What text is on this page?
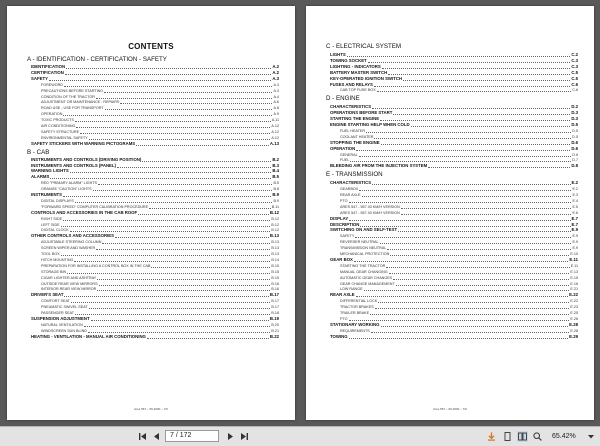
CONTENTS
A - IDENTIFICATION - CERTIFICATION - SAFETY
IDENTIFICATION	A.2
CERTIFICATION	A.2
SAFETY	A.3
FOREWORD	A.3
PRECAUTIONS BEFORE STARTING	A.3
CONDITION OF THE TRACTOR	A.4
ADJUSTMENT OR MAINTENANCE - REPAIRS	A.6
ROAD USE - USE FOR TRANSPORT	A.8
OPERATION	A.9
TOXIC PRODUCTS	A.11
AIR CONDITIONING	A.12
SAFETY STRUCTURE	A.12
ENVIRONMENTAL SAFETY	A.12
SAFETY STICKERS WITH WARNING PICTOGRAMS	A.13
B - CAB
INSTRUMENTS AND CONTROLS (DRIVING POSITION)	B.2
INSTRUMENTS AND CONTROLS (PANEL)	B.3
WARNING LIGHTS	B.4
ALARMS	B.5
RED "PRIMARY ALARM" LIGHTS	B.5
ORANGE "CAUTION" LIGHTS	B.8
INSTRUMENTS	B.9
DIGITAL DISPLAYS	B.9
"FORWARD SPEED" COMPUTER CALIBRATION PROCEDURE	B.11
CONTROLS AND ACCESSORIES IN THE CAB ROOF	B.12
RIGHT SIDE	B.12
LEFT SIDE	B.12
DIGITAL CLOCK	B.12
OTHER CONTROLS AND ACCESSORIES	B.13
ADJUSTABLE STEERING COLUMN	B.13
SCREEN WIPER AND WASHER	B.13
TOOL BOX	B.13
HITCH MOUNTING	B.14
PREPARATION FOR INSTALLING A CONTROL BOX IN THE CAB	B.15
STORAGE BIN	B.15
CIGAR LIGHTER AND ASHTRAY	B.15
OUTSIDE REAR VIEW MIRRORS	B.16
INTERIOR REAR VIEW MIRROR	B.16
DRIVER'S SEAT	B.17
COMFORT SEAT	B.17
PNEUMATIC SWIVEL SEAT	B.17
PASSENGER SEAT	B.18
SUSPENSION ADJUSTMENT	B.19
NATURAL VENTILATION	B.20
WINDSCREEN SUN BLIND	B.21
HEATING - VENTILATION - MANUAL AIR CONDITIONING	B.22
Ares 567 – 06.2000 – 7/0
C - ELECTRICAL SYSTEM
LIGHTS	C.2
TOWING SOCKET	C.3
LIGHTING - INDICATORS	C.3
BATTERY MASTER SWITCH	C.5
KEY-OPERATED IGNITION SWITCH	C.5
FUSES AND RELAYS	C.6
CAB TOP FUSE BOX	C.6
D - ENGINE
CHARACTERISTICS	D.2
OPERATIONS BEFORE START	D.3
STARTING THE ENGINE	D.3
ENGINE STARTING HELP WHEN COLD	D.5
FUEL HEATER	D.5
COOLANT HEATER	D.5
STOPPING THE ENGINE	D.6
OPERATION	D.6
GENERAL	D.6
FUEL	D.7
BLEEDING AIR FROM THE INJECTION SYSTEM	D.8
E - TRANSMISSION
CHARACTERISTICS	E.2
GEARBOX	E.2
REAR AXLE	E.3
PTO	E.4
ARES 547 - 557 40 KM/H VERSION	E.5
ARES 547 - 557 40 KM/H VERSION	E.6
DISPLAY	E.7
DESCRIPTION	E.7
SWITCHING ON AND SELF-TEST	E.9
SAFETY	E.9
REVERSER NEUTRAL	E.9
TRANSMISSION NEUTRAL	E.9
MECHANICAL PROTECTION	E.10
GEAR BOX	E.11
STARTING THE TRACTOR	E.11
MANUAL GEAR CHANGING	E.13
AUTOMATIC GEAR CHANGES	E.15
GEAR CHANGE MANAGEMENT	E.16
LOW RANGE	E.21
REAR AXLE	E.22
DIFFERENTIAL LOCK	E.22
TRACTOR BRAKES	E.23
TRAILER BRAKE	E.25
PTO	E.26
STATIONARY WORKING	E.28
REQUIREMENTS	E.28
TOWING	E.29
Ares 567 – 06.2000 – 7/0
7 / 172	65.42%
